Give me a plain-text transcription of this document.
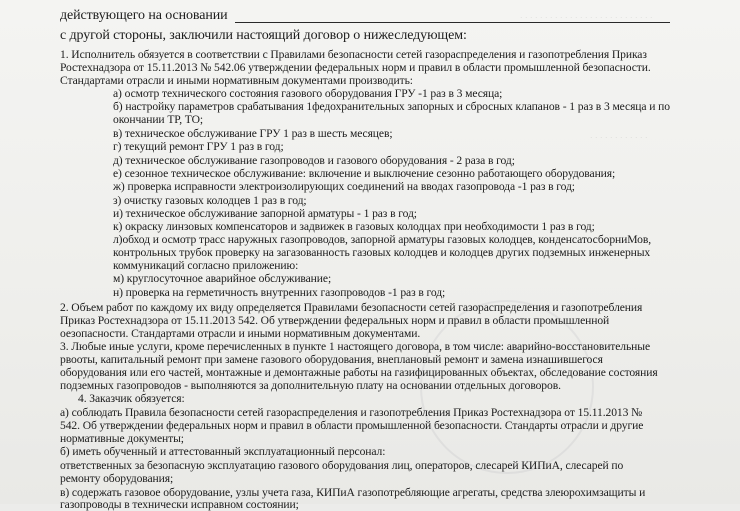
. . . . . . . . . . . . . . . . . . . . . . . . . . .
. . . . . . . . . . . .
действующего на основании
с другой стороны, заключили настоящий договор о нижеследующем:
1. Исполнитель обязуется в соответствии с Правилами безопасности сетей газораспределения и газопотребления Приказ
Ростехнадзора от 15.11.2013 № 542.06 утверждении федеральных норм и правил в области промышленной безопасности.
Стандартами отрасли и иными нормативным документами производить:
а) осмотр технического состояния газового оборудования ГРУ -1 раз в 3 месяца;
б) настройку параметров срабатывания 1федохранительных запорных и сбросных клапанов - 1 раз в 3 месяца и по
окончании ТР, ТО;
в) техническое обслуживание ГРУ 1 раз в шесть месяцев;
г) текущий ремонт ГРУ 1 раз в год;
д) техническое обслуживание газопроводов и газового оборудования - 2 раза в год;
е) сезонное техническое обслуживание: включение и выключение сезонно работающего оборудования;
ж) проверка исправности электроизолирующих соединений на вводах газопровода -1 раз в год;
з) очистку газовых колодцев 1 раз в год;
и) техническое обслуживание запорной арматуры - 1 раз в год;
к) окраску линзовых компенсаторов и задвижек в газовых колодцах при необходимости 1 раз в год;
л)обход и осмотр трасс наружных газопроводов, запорной арматуры газовых колодцев, конденсатосборниМов,
контрольных трубок проверку на загазованность газовых колодцев и колодцев других подземных инженерных
коммуникаций согласно приложению:
м) круглосуточное аварийное обслуживание;
н) проверка на герметичность внутренних газопроводов -1 раз в год;
2. Объем работ по каждому их виду определяется Правилами безопасности сетей газораспределения и газопотребления
Приказ Ростехнадзора от 15.11.2013 542. Об утверждении федеральных норм и правил в области промышленной
оезопасности. Стандартами отрасли и иными нормативным документами.
3. Любые иные услуги, кроме перечисленных в пункте 1 настоящего договора, в том числе: аварийно-восстановительные
рвооты, капитальный ремонт при замене газового оборудования, внеплановый ремонт и замена изнашившегося
оборудования или его частей, монтажные и демонтажные работы на газифицированных объектах, обследование состояния
подземных газопроводов - выполняются за дополнительную плату на основании отдельных договоров.
4. Заказчик обязуется:
а) соблюдать Правила безопасности сетей газораспределения и газопотребления Приказ Ростехнадзора от 15.11.2013 №
542. Об утверждении федеральных норм и правил в области промышленной безопасности. Стандарты отрасли и другие
нормативные документы;
б) иметь обученный и аттестованный эксплуатационный персонал:
ответственных за безопасную эксплуатацию газового оборудования лиц, операторов, слесарей КИПиА, слесарей по
ремонту оборудования;
в) содержать газовое оборудование, узлы учета газа, КИПиА газопотребляющие агрегаты, средства злеюрохимзащиты и
газопроводы в технически исправном состоянии;
